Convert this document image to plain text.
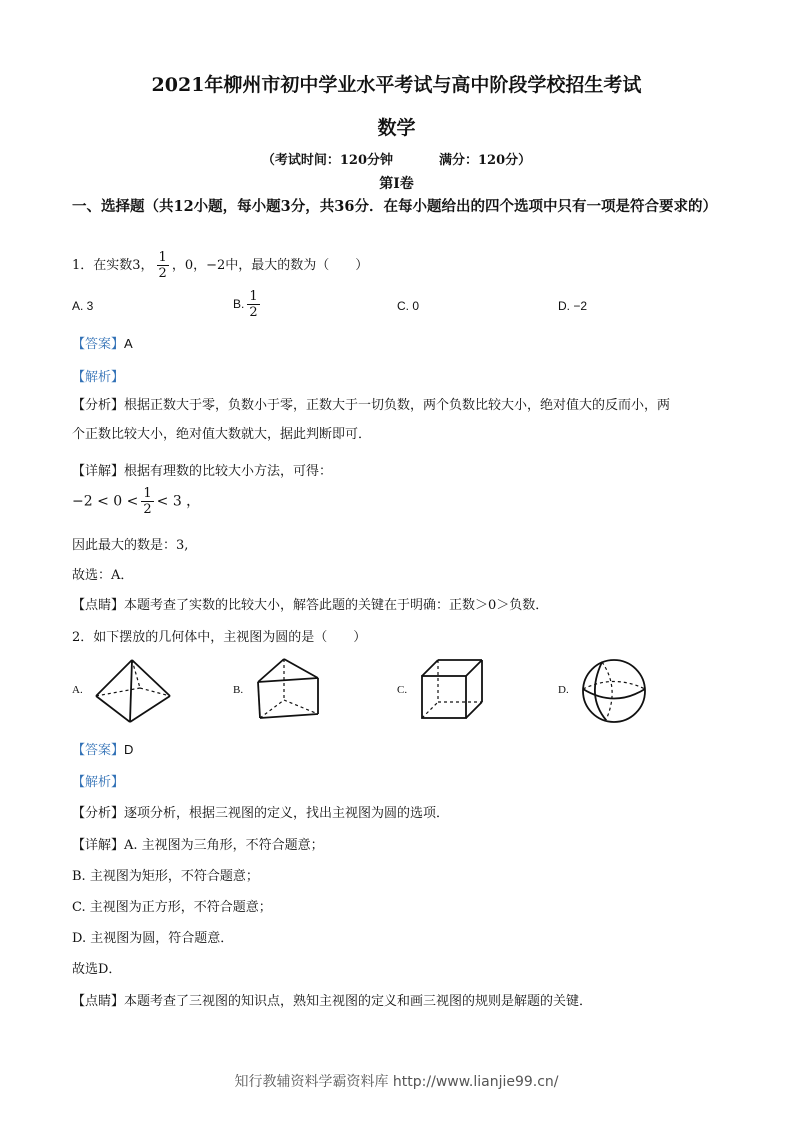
2021年柳州市初中学业水平考试与高中阶段学校招生考试
数学
（考试时间：120分钟	满分：120分）
第Ⅰ卷
一、选择题（共12小题，每小题3分，共36分．在每小题给出的四个选项中只有一项是符合要求的）
1．在实数3， $\frac{1}{2}$ ，0，−2中，最大的数为（　　）
A. 3	B. $\frac{1}{2}$	C. 0	D. −2
【答案】A
【解析】
【分析】根据正数大于零，负数小于零，正数大于一切负数，两个负数比较大小，绝对值大的反而小，两
个正数比较大小，绝对值大数就大，据此判断即可．
【详解】根据有理数的比较大小方法，可得：
$-2 < 0 < \frac{1}{2} < 3$ ，
因此最大的数是：3,
故选：A．
【点睛】本题考查了实数的比较大小，解答此题的关键在于明确：正数＞0＞负数．
2．如下摆放的几何体中，主视图为圆的是（　　）
A.	B.	C.	D.
【答案】D
【解析】
【分析】逐项分析，根据三视图的定义，找出主视图为圆的选项．
【详解】A. 主视图为三角形，不符合题意；
B. 主视图为矩形，不符合题意；
C. 主视图为正方形，不符合题意；
D. 主视图为圆，符合题意．
故选D．
【点睛】本题考查了三视图的知识点，熟知主视图的定义和画三视图的规则是解题的关键．
知行教辅资料学霸资料库 http://www.lianjie99.cn/
